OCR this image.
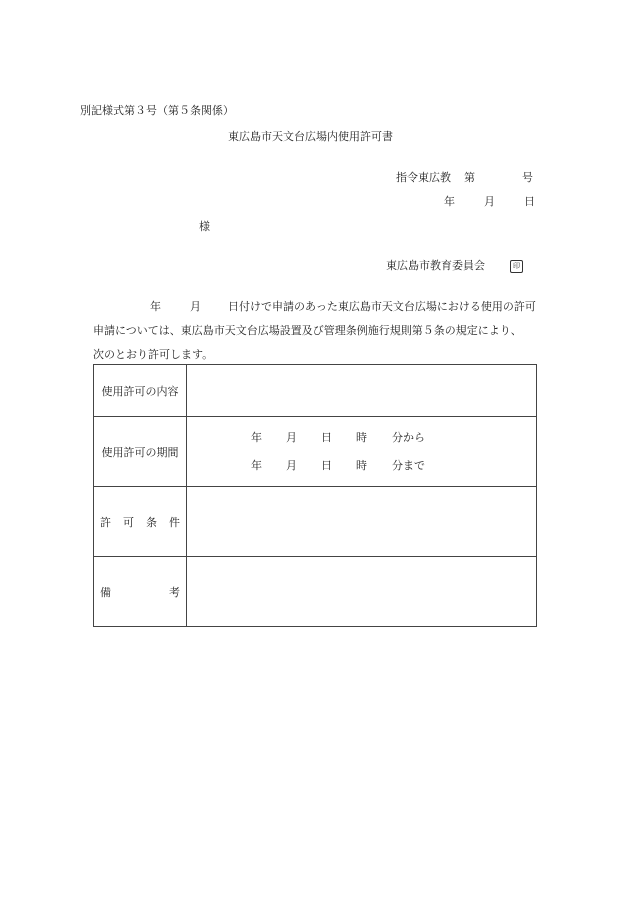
別記様式第３号（第５条関係）
東広島市天文台広場内使用許可書
指令東広教 第	号
年	月	日
様
東広島市教育委員会	印
年	月 日付けで申請のあった東広島市天文台広場における使用の許可
申請については、東広島市天文台広場設置及び管理条例施行規則第５条の規定により、
次のとおり許可します。
使用許可の内容	
使用許可の期間	年 月 日 時 分から
年 月 日 時 分まで

許 可 条 件	

備 考	
